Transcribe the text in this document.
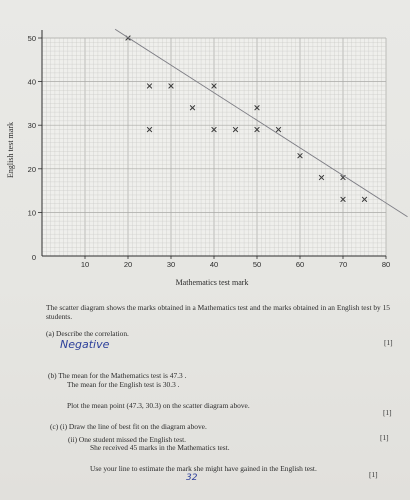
0
10	20	30	40	50	60	70	80
10
20
30
40
50
Mathematics test mark
English test mark
The scatter diagram shows the marks obtained in a Mathematics test and the marks obtained in an English test by 15 students.
(a) Describe the correlation.
Negative	[1]
(b) The mean for the Mathematics test is 47.3 .
The mean for the English test is 30.3 .
Plot the mean point (47.3, 30.3) on the scatter diagram above.
[1]
(c) (i) Draw the line of best fit on the diagram above.
[1]
(ii) One student missed the English test.
She received 45 marks in the Mathematics test.
Use your line to estimate the mark she might have gained in the English test.
32	[1]
